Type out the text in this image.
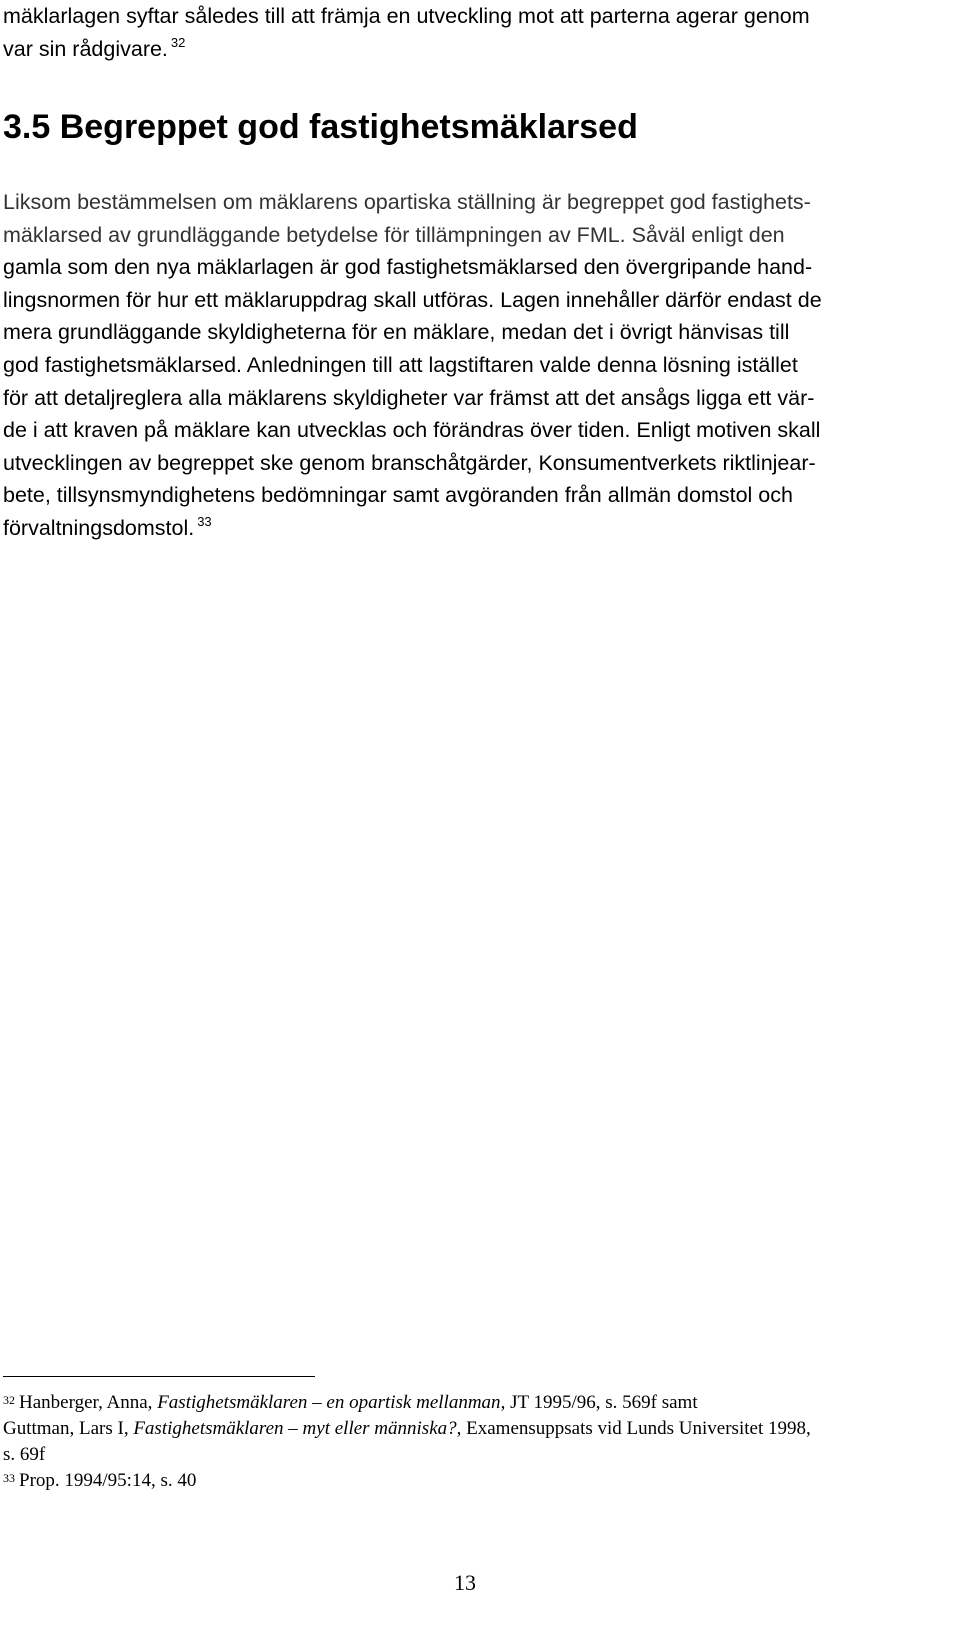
mäklarlagen syftar således till att främja en utveckling mot att parterna agerar genom
var sin rådgivare. $^{32}$
3.5 Begreppet god fastighetsmäklarsed
Liksom bestämmelsen om mäklarens opartiska ställning är begreppet god fastighets-
mäklarsed av grundläggande betydelse för tillämpningen av FML. Såväl enligt den
gamla som den nya mäklarlagen är god fastighetsmäklarsed den övergripande hand-
lingsnormen för hur ett mäklaruppdrag skall utföras. Lagen innehåller därför endast de
mera grundläggande skyldigheterna för en mäklare, medan det i övrigt hänvisas till
god fastighetsmäklarsed. Anledningen till att lagstiftaren valde denna lösning istället
för att detaljreglera alla mäklarens skyldigheter var främst att det ansågs ligga ett vär-
de i att kraven på mäklare kan utvecklas och förändras över tiden. Enligt motiven skall
utvecklingen av begreppet ske genom branschåtgärder, Konsumentverkets riktlinjear-
bete, tillsynsmyndighetens bedömningar samt avgöranden från allmän domstol och
förvaltningsdomstol. $^{33}$
$^{32}$ Hanberger, Anna, Fastighetsmäklaren – en opartisk mellanman, JT 1995/96, s. 569f samt
Guttman, Lars I, Fastighetsmäklaren – myt eller människa?, Examensuppsats vid Lunds Universitet 1998,
s. 69f
$^{33}$ Prop. 1994/95:14, s. 40
13
